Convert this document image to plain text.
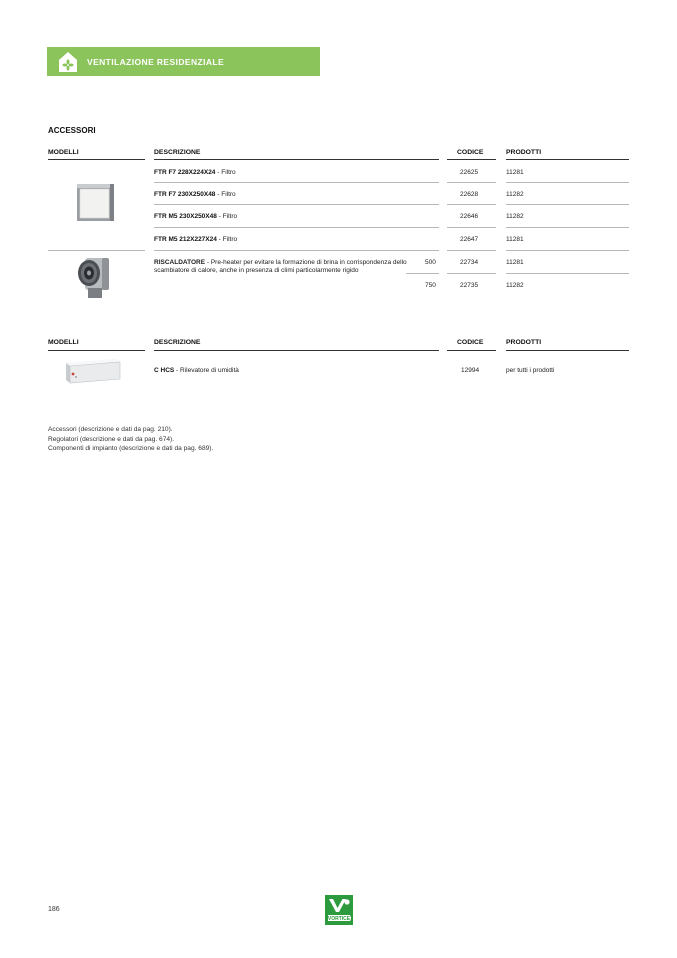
VENTILAZIONE RESIDENZIALE
ACCESSORI
MODELLI	DESCRIZIONE	CODICE	PRODOTTI
FTR F7 228X224X24 - Filtro	22625	11281
FTR F7 230X250X48 - Filtro	22628	11282
FTR M5 230X250X48 - Filtro	22646	11282
FTR M5 212X227X24 - Filtro	22647	11281
RISCALDATORE - Pre-heater per evitare la formazione di brina in corrispondenza dello scambiatore di calore, anche in presenza di climi particolarmente rigido
500	22734	11281
750	22735	11282
MODELLI	DESCRIZIONE	CODICE	PRODOTTI
C HCS - Rilevatore di umidità	12994	per tutti i prodotti
Accessori (descrizione e dati da pag. 210).
Regolatori (descrizione e dati da pag. 674).
Componenti di impianto (descrizione e dati da pag. 689).
186
VORTICE
